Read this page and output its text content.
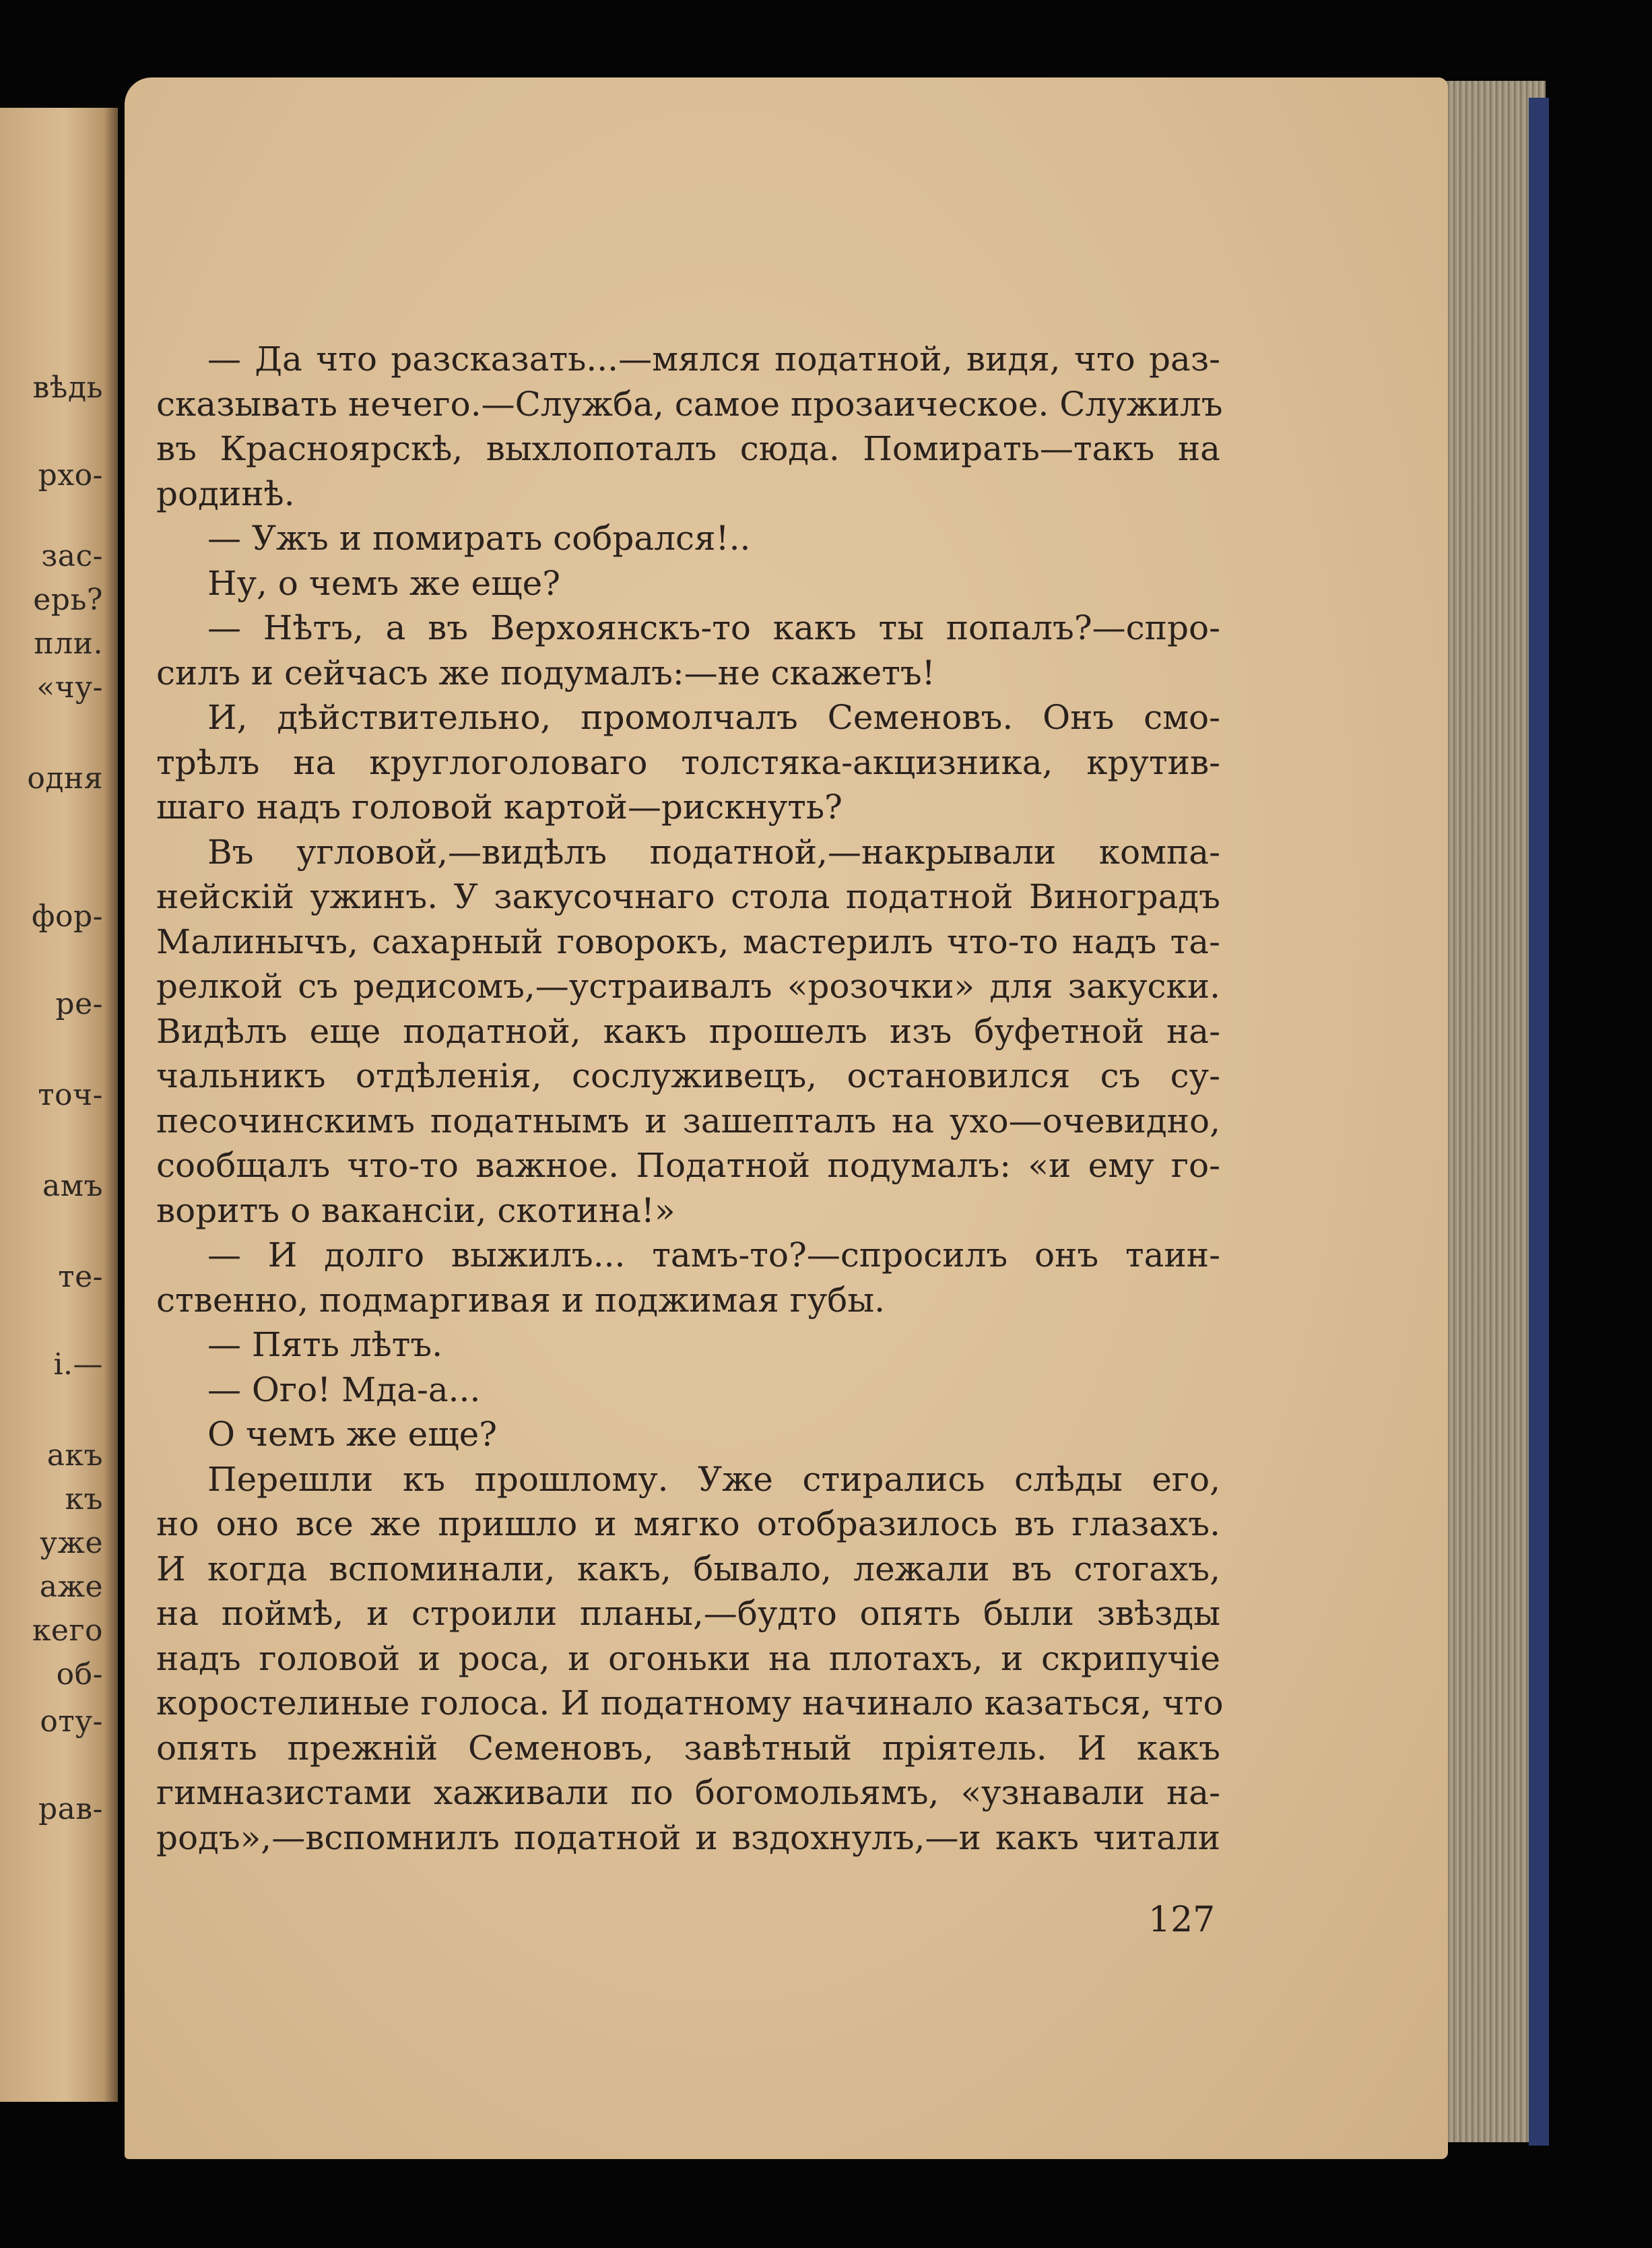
вѣдь
рхо-
зас-
ерь?
пли.
«чу-
одня
фор-
ре-
точ-
амъ
те-
і.—
акъ
къ
уже
аже
кего
об-
оту-
рав-
— Да что разсказать...—мялся податной, видя, что раз-
сказывать нечего.—Служба, самое прозаическое. Служилъ
въ Красноярскѣ, выхлопоталъ сюда. Помирать—такъ на
родинѣ.
— Ужъ и помирать собрался!..
Ну, о чемъ же еще?
— Нѣтъ, а въ Верхоянскъ-то какъ ты попалъ?—спро-
силъ и сейчасъ же подумалъ:—не скажетъ!
И, дѣйствительно, промолчалъ Семеновъ. Онъ смо-
трѣлъ на круглоголоваго толстяка-акцизника, крутив-
шаго надъ головой картой—рискнуть?
Въ угловой,—видѣлъ податной,—накрывали компа-
нейскій ужинъ. У закусочнаго стола податной Виноградъ
Малинычъ, сахарный говорокъ, мастерилъ что-то надъ та-
релкой съ редисомъ,—устраивалъ «розочки» для закуски.
Видѣлъ еще податной, какъ прошелъ изъ буфетной на-
чальникъ отдѣленія, сослуживецъ, остановился съ су-
песочинскимъ податнымъ и зашепталъ на ухо—очевидно,
сообщалъ что-то важное. Податной подумалъ: «и ему го-
воритъ о вакансіи, скотина!»
— И долго выжилъ... тамъ-то?—спросилъ онъ таин-
ственно, подмаргивая и поджимая губы.
— Пять лѣтъ.
— Ого! Мда-а...
О чемъ же еще?
Перешли къ прошлому. Уже стирались слѣды его,
но оно все же пришло и мягко отобразилось въ глазахъ.
И когда вспоминали, какъ, бывало, лежали въ стогахъ,
на поймѣ, и строили планы,—будто опять были звѣзды
надъ головой и роса, и огоньки на плотахъ, и скрипучіе
коростелиные голоса. И податному начинало казаться, что
опять прежній Семеновъ, завѣтный пріятель. И какъ
гимназистами хаживали по богомольямъ, «узнавали на-
родъ»,—вспомнилъ податной и вздохнулъ,—и какъ читали
127
